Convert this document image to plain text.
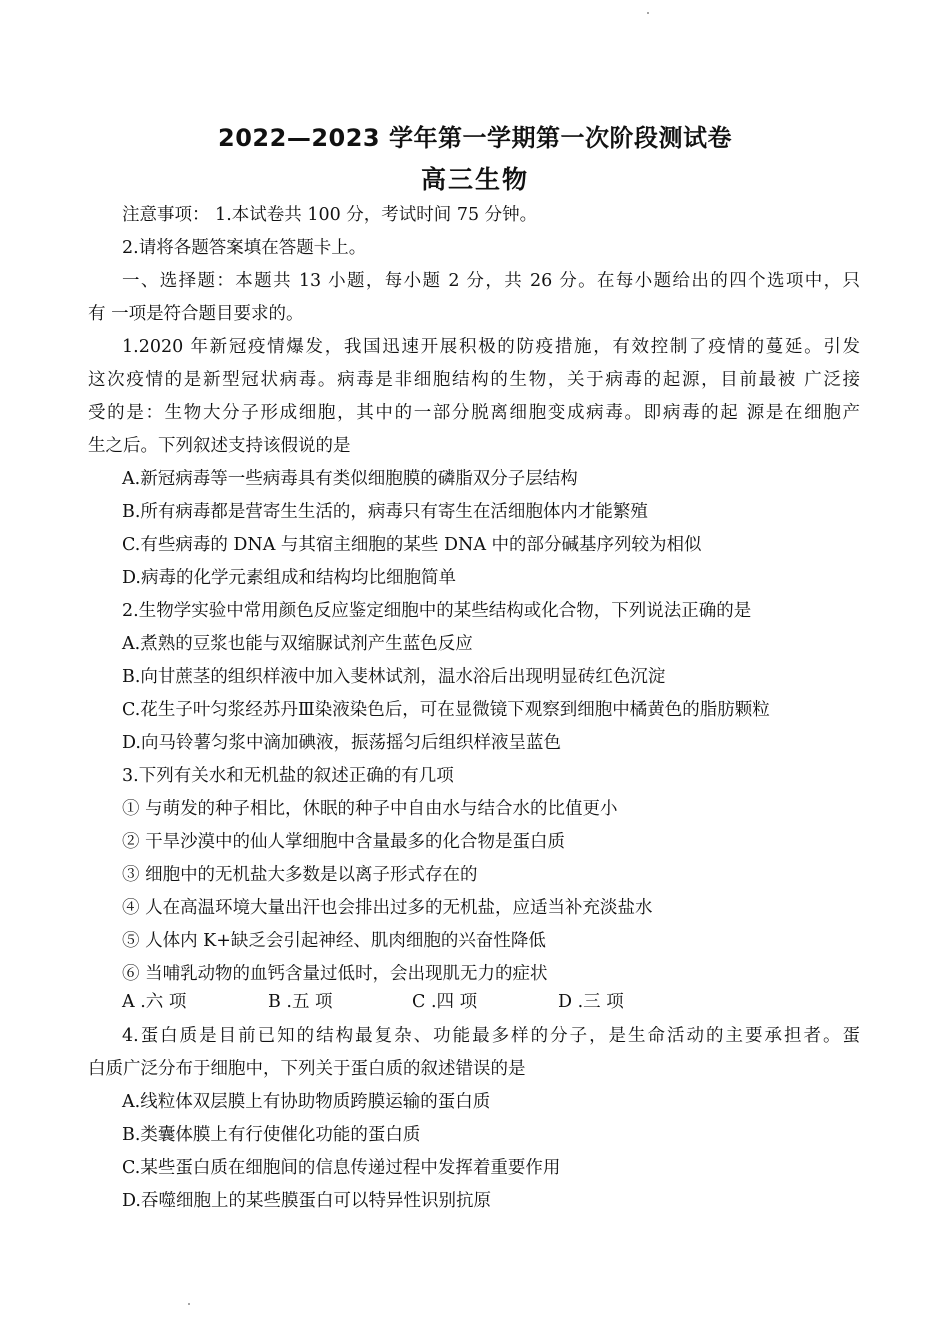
2022—2023 学年第一学期第一次阶段测试卷
高三生物
注意事项： 1.本试卷共 100 分，考试时间 75 分钟。
2.请将各题答案填在答题卡上。
一、选择题：本题共 13 小题，每小题 2 分，共 26 分。在每小题给出的四个选项中，只
有 一项是符合题目要求的。
1.2020 年新冠疫情爆发，我国迅速开展积极的防疫措施，有效控制了疫情的蔓延。引发
这次疫情的是新型冠状病毒。病毒是非细胞结构的生物，关于病毒的起源，目前最被 广泛接
受的是：生物大分子形成细胞，其中的一部分脱离细胞变成病毒。即病毒的起 源是在细胞产
生之后。下列叙述支持该假说的是
A.新冠病毒等一些病毒具有类似细胞膜的磷脂双分子层结构
B.所有病毒都是营寄生生活的，病毒只有寄生在活细胞体内才能繁殖
C.有些病毒的 DNA 与其宿主细胞的某些 DNA 中的部分碱基序列较为相似
D.病毒的化学元素组成和结构均比细胞简单
2.生物学实验中常用颜色反应鉴定细胞中的某些结构或化合物，下列说法正确的是
A.煮熟的豆浆也能与双缩脲试剂产生蓝色反应
B.向甘蔗茎的组织样液中加入斐林试剂，温水浴后出现明显砖红色沉淀
C.花生子叶匀浆经苏丹Ⅲ染液染色后，可在显微镜下观察到细胞中橘黄色的脂肪颗粒
D.向马铃薯匀浆中滴加碘液，振荡摇匀后组织样液呈蓝色
3.下列有关水和无机盐的叙述正确的有几项
① 与萌发的种子相比，休眠的种子中自由水与结合水的比值更小
② 干旱沙漠中的仙人掌细胞中含量最多的化合物是蛋白质
③ 细胞中的无机盐大多数是以离子形式存在的
④ 人在高温环境大量出汗也会排出过多的无机盐，应适当补充淡盐水
⑤ 人体内 K+缺乏会引起神经、肌肉细胞的兴奋性降低
⑥ 当哺乳动物的血钙含量过低时，会出现肌无力的症状
A .六 项	B .五 项	C .四 项	D .三 项
4.蛋白质是目前已知的结构最复杂、功能最多样的分子，是生命活动的主要承担者。蛋
白质广泛分布于细胞中，下列关于蛋白质的叙述错误的是
A.线粒体双层膜上有协助物质跨膜运输的蛋白质
B.类囊体膜上有行使催化功能的蛋白质
C.某些蛋白质在细胞间的信息传递过程中发挥着重要作用
D.吞噬细胞上的某些膜蛋白可以特异性识别抗原
